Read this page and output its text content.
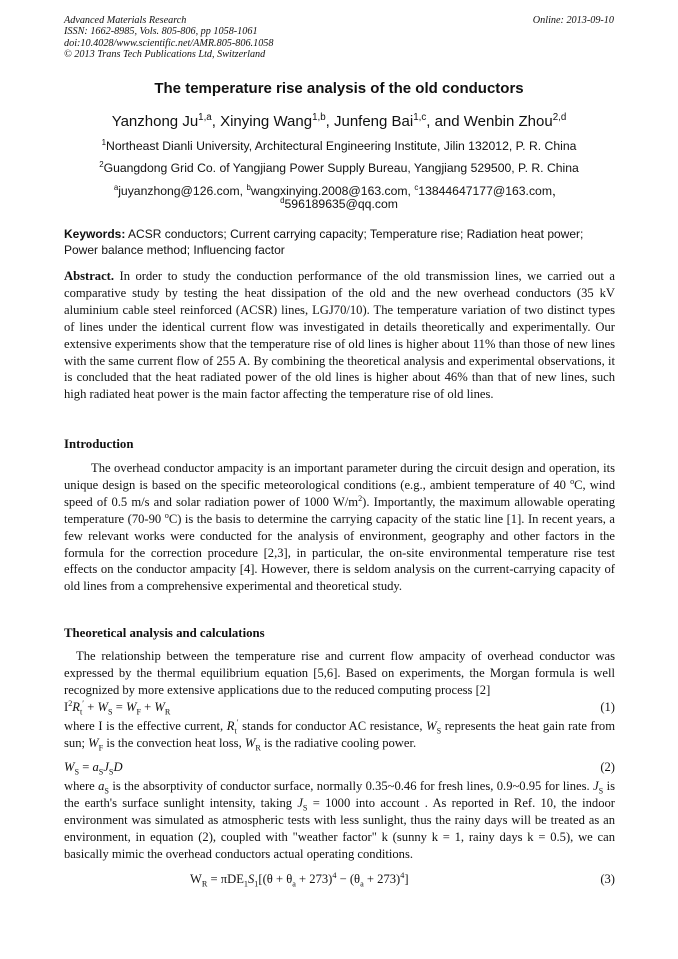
Advanced Materials Research
ISSN: 1662-8985, Vols. 805-806, pp 1058-1061
doi:10.4028/www.scientific.net/AMR.805-806.1058
© 2013 Trans Tech Publications Ltd, Switzerland
Online: 2013-09-10
The temperature rise analysis of the old conductors
Yanzhong Ju$^{1,a}$, Xinying Wang$^{1,b}$, Junfeng Bai$^{1,c}$, and Wenbin Zhou$^{2,d}$
$^1$Northeast Dianli University, Architectural Engineering Institute, Jilin 132012, P. R. China
$^2$Guangdong Grid Co. of Yangjiang Power Supply Bureau, Yangjiang 529500, P. R. China
$^a$juyanzhong@126.com, $^b$wangxinying.2008@163.com, $^c$13844647177@163.com，
$^d$596189635@qq.com
Keywords: ACSR conductors; Current carrying capacity; Temperature rise; Radiation heat power; Power balance method; Influencing factor
Abstract. In order to study the conduction performance of the old transmission lines, we carried out a comparative study by testing the heat dissipation of the old and the new overhead conductors (35 kV aluminium cable steel reinforced (ACSR) lines, LGJ70/10). The temperature variation of two distinct types of lines under the identical current flow was investigated in details theoretically and experimentally. Our extensive experiments show that the temperature rise of old lines is higher about 11% than those of new lines with the same current flow of 255 A. By combining the theoretical analysis and experimental observations, it is concluded that the heat radiated power of the old lines is higher about 46% than that of new lines, such high radiated heat power is the main factor affecting the temperature rise of old lines.
Introduction
The overhead conductor ampacity is an important parameter during the circuit design and operation, its unique design is based on the specific meteorological conditions (e.g., ambient temperature of 40 $^o$C, wind speed of 0.5 m/s and solar radiation power of 1000 $W/m^2$). Importantly, the maximum allowable operating temperature (70-90 $^o$C) is the basis to determine the carrying capacity of the static line [1]. In recent years, a few relevant works were conducted for the analysis of environment, geography and other factors in the formula for the correction procedure [2,3], in particular, the on-site environmental temperature rise test effects on the conductor ampacity [4]. However, there is seldom analysis on the current-carrying capacity of old lines from a comprehensive experimental and theoretical study.
Theoretical analysis and calculations
The relationship between the temperature rise and current flow ampacity of overhead conductor was expressed by the thermal equilibrium equation [5,6]. Based on experiments, the Morgan formula is well recognized by more extensive applications due to the reduced computing process [2]
$I^2R_t' + W_S = W_F + W_R$	(1)
where I is the effective current, $R_t'$ stands for conductor AC resistance, $W_S$ represents the heat gain rate from sun; $W_F$ is the convection heat loss, $W_R$ is the radiative cooling power.
$W_S = a_SJ_SD$	(2)
where $a_S$ is the absorptivity of conductor surface, normally 0.35~0.46 for fresh lines, 0.9~0.95 for lines. $J_S$ is the earth's surface sunlight intensity, taking $J_S = 1000$ into account . As reported in Ref. 10, the indoor environment was simulated as atmospheric tests with less sunlight, thus the rainy days will be treated as an environment, in equation (2), coupled with "weather factor" k (sunny k = 1, rainy days k = 0.5), we can basically mimic the overhead conductors actual operating conditions.
$W_R = \pi DE_1S_1[(\theta + \theta_a + 273)^4 - (\theta_a + 273)^4]$	(3)
